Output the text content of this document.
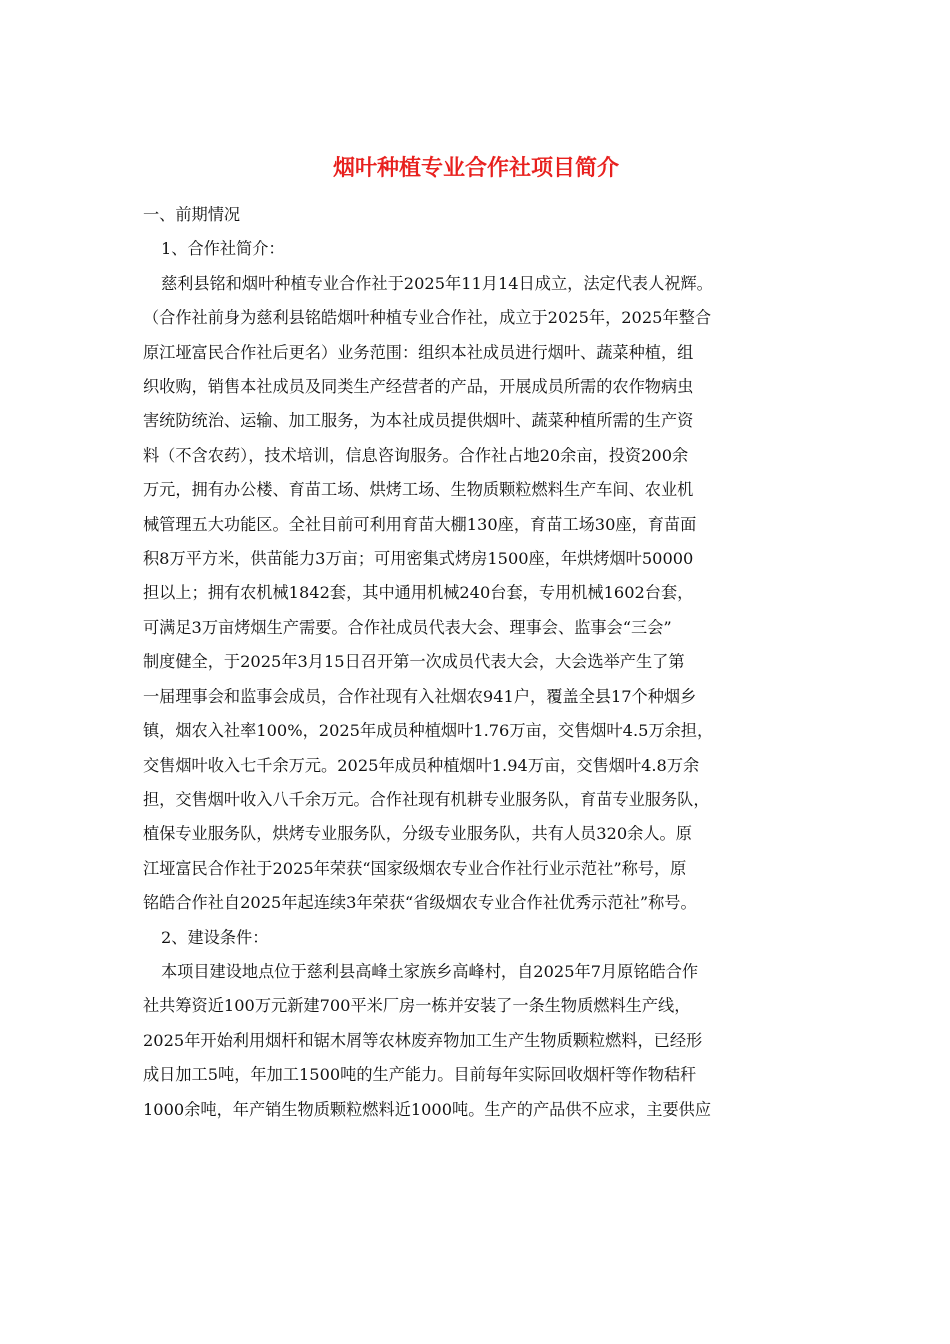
烟叶种植专业合作社项目简介

一、前期情况

1、合作社简介：

慈利县铭和烟叶种植专业合作社于2025年11月14日成立，法定代表人祝辉。
（合作社前身为慈利县铭皓烟叶种植专业合作社，成立于2025年，2025年整合
原江垭富民合作社后更名）业务范围：组织本社成员进行烟叶、蔬菜种植，组
织收购，销售本社成员及同类生产经营者的产品，开展成员所需的农作物病虫
害统防统治、运输、加工服务，为本社成员提供烟叶、蔬菜种植所需的生产资
料（不含农药），技术培训，信息咨询服务。合作社占地20余亩，投资200余
万元，拥有办公楼、育苗工场、烘烤工场、生物质颗粒燃料生产车间、农业机
械管理五大功能区。全社目前可利用育苗大棚130座，育苗工场30座，育苗面
积8万平方米，供苗能力3万亩；可用密集式烤房1500座，年烘烤烟叶50000
担以上；拥有农机械1842套，其中通用机械240台套，专用机械1602台套，
可满足3万亩烤烟生产需要。合作社成员代表大会、理事会、监事会“三会”
制度健全，于2025年3月15日召开第一次成员代表大会，大会选举产生了第
一届理事会和监事会成员，合作社现有入社烟农941户，覆盖全县17个种烟乡
镇，烟农入社率100%，2025年成员种植烟叶1.76万亩，交售烟叶4.5万余担，
交售烟叶收入七千余万元。2025年成员种植烟叶1.94万亩，交售烟叶4.8万余
担，交售烟叶收入八千余万元。合作社现有机耕专业服务队，育苗专业服务队，
植保专业服务队，烘烤专业服务队，分级专业服务队，共有人员320余人。原
江垭富民合作社于2025年荣获“国家级烟农专业合作社行业示范社”称号，原
铭皓合作社自2025年起连续3年荣获“省级烟农专业合作社优秀示范社”称号。

2、建设条件：

本项目建设地点位于慈利县高峰土家族乡高峰村，自2025年7月原铭皓合作
社共筹资近100万元新建700平米厂房一栋并安装了一条生物质燃料生产线，
2025年开始利用烟杆和锯木屑等农林废弃物加工生产生物质颗粒燃料，已经形
成日加工5吨，年加工1500吨的生产能力。目前每年实际回收烟杆等作物秸秆
1000余吨，年产销生物质颗粒燃料近1000吨。生产的产品供不应求，主要供应
